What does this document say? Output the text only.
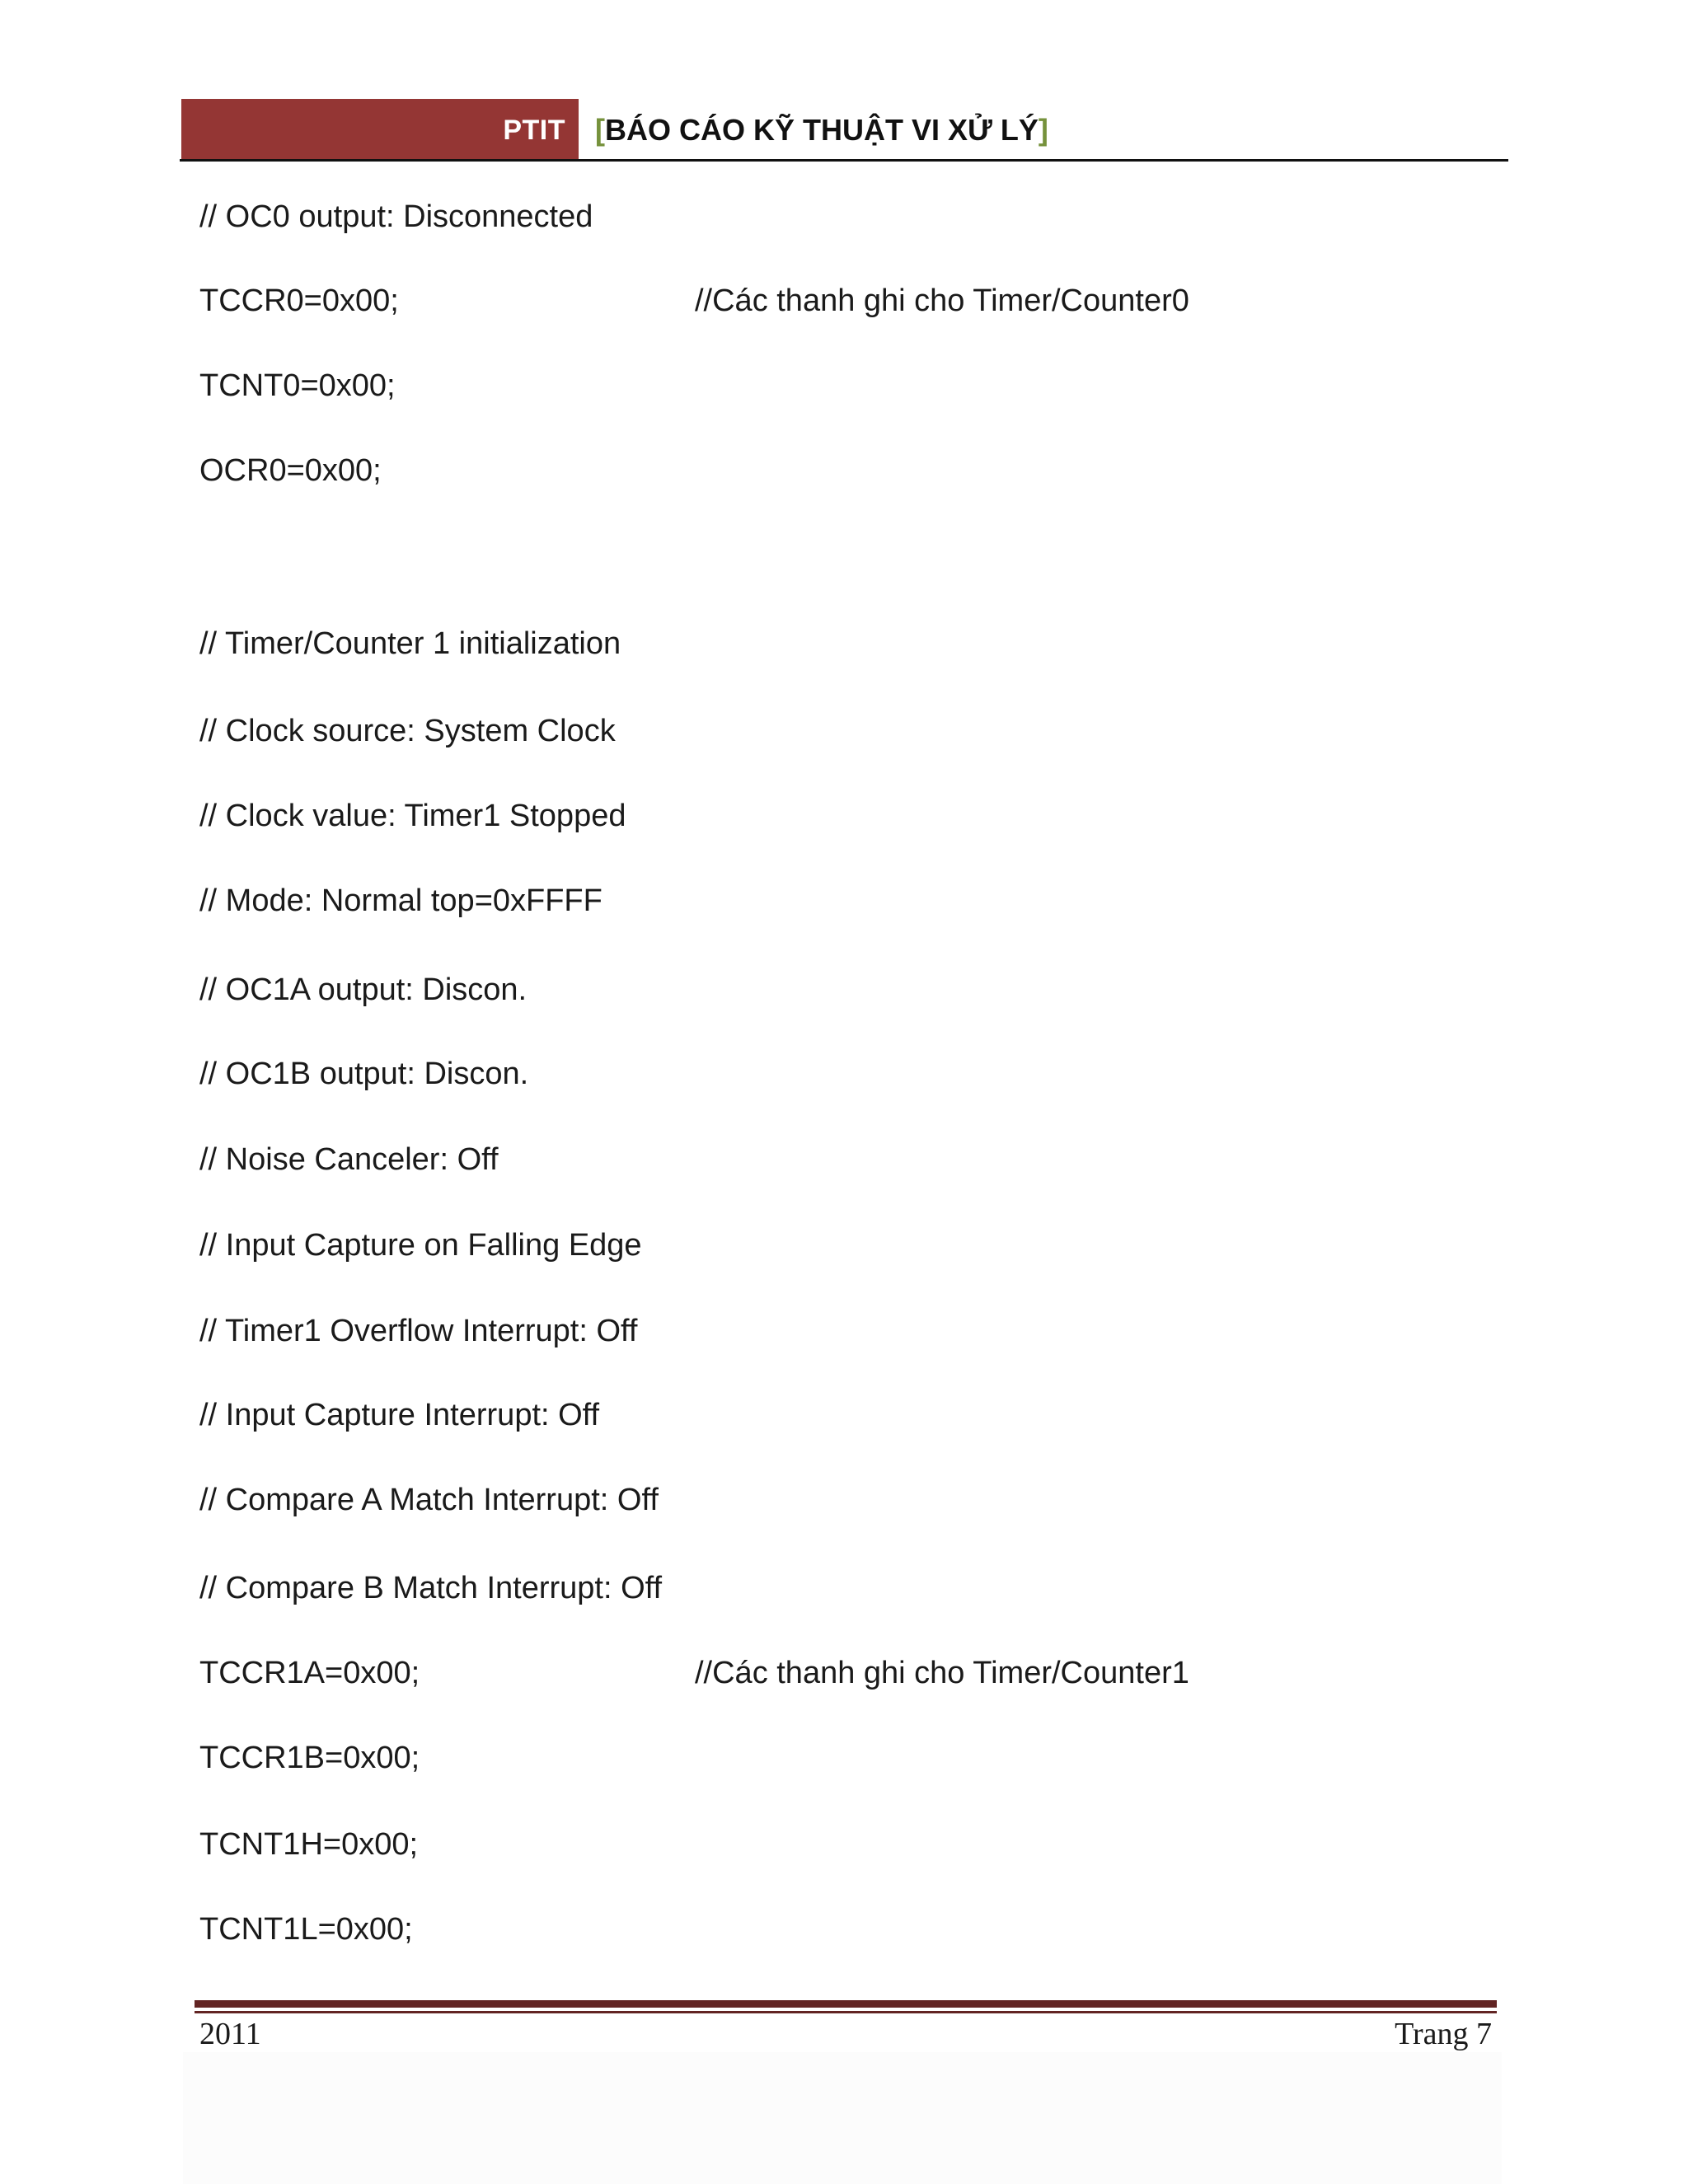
PTIT [BÁO CÁO KỸ THUẬT VI XỬ LÝ]
// OC0 output: Disconnected
TCCR0=0x00;	//Các thanh ghi cho Timer/Counter0
TCNT0=0x00;
OCR0=0x00;
// Timer/Counter 1 initialization
// Clock source: System Clock
// Clock value: Timer1 Stopped
// Mode: Normal top=0xFFFF
// OC1A output: Discon.
// OC1B output: Discon.
// Noise Canceler: Off
// Input Capture on Falling Edge
// Timer1 Overflow Interrupt: Off
// Input Capture Interrupt: Off
// Compare A Match Interrupt: Off
// Compare B Match Interrupt: Off
TCCR1A=0x00;	//Các thanh ghi cho Timer/Counter1
TCCR1B=0x00;
TCNT1H=0x00;
TCNT1L=0x00;
2011	Trang 7
